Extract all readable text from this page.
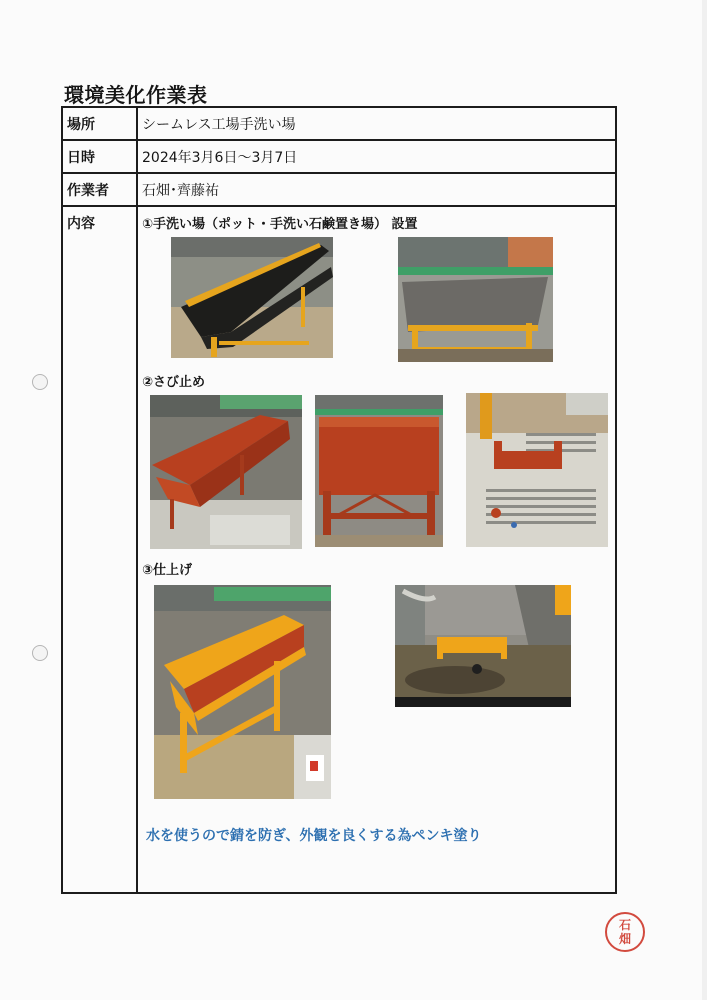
環境美化作業表
場所	シームレス工場手洗い場
日時	2024年3月6日～3月7日
作業者	石畑･齊藤祐
内容	①手洗い場（ポット・手洗い石鹸置き場） 設置
②さび止め
③仕上げ
水を使うので錆を防ぎ、外観を良くする為ペンキ塗り
石
畑
